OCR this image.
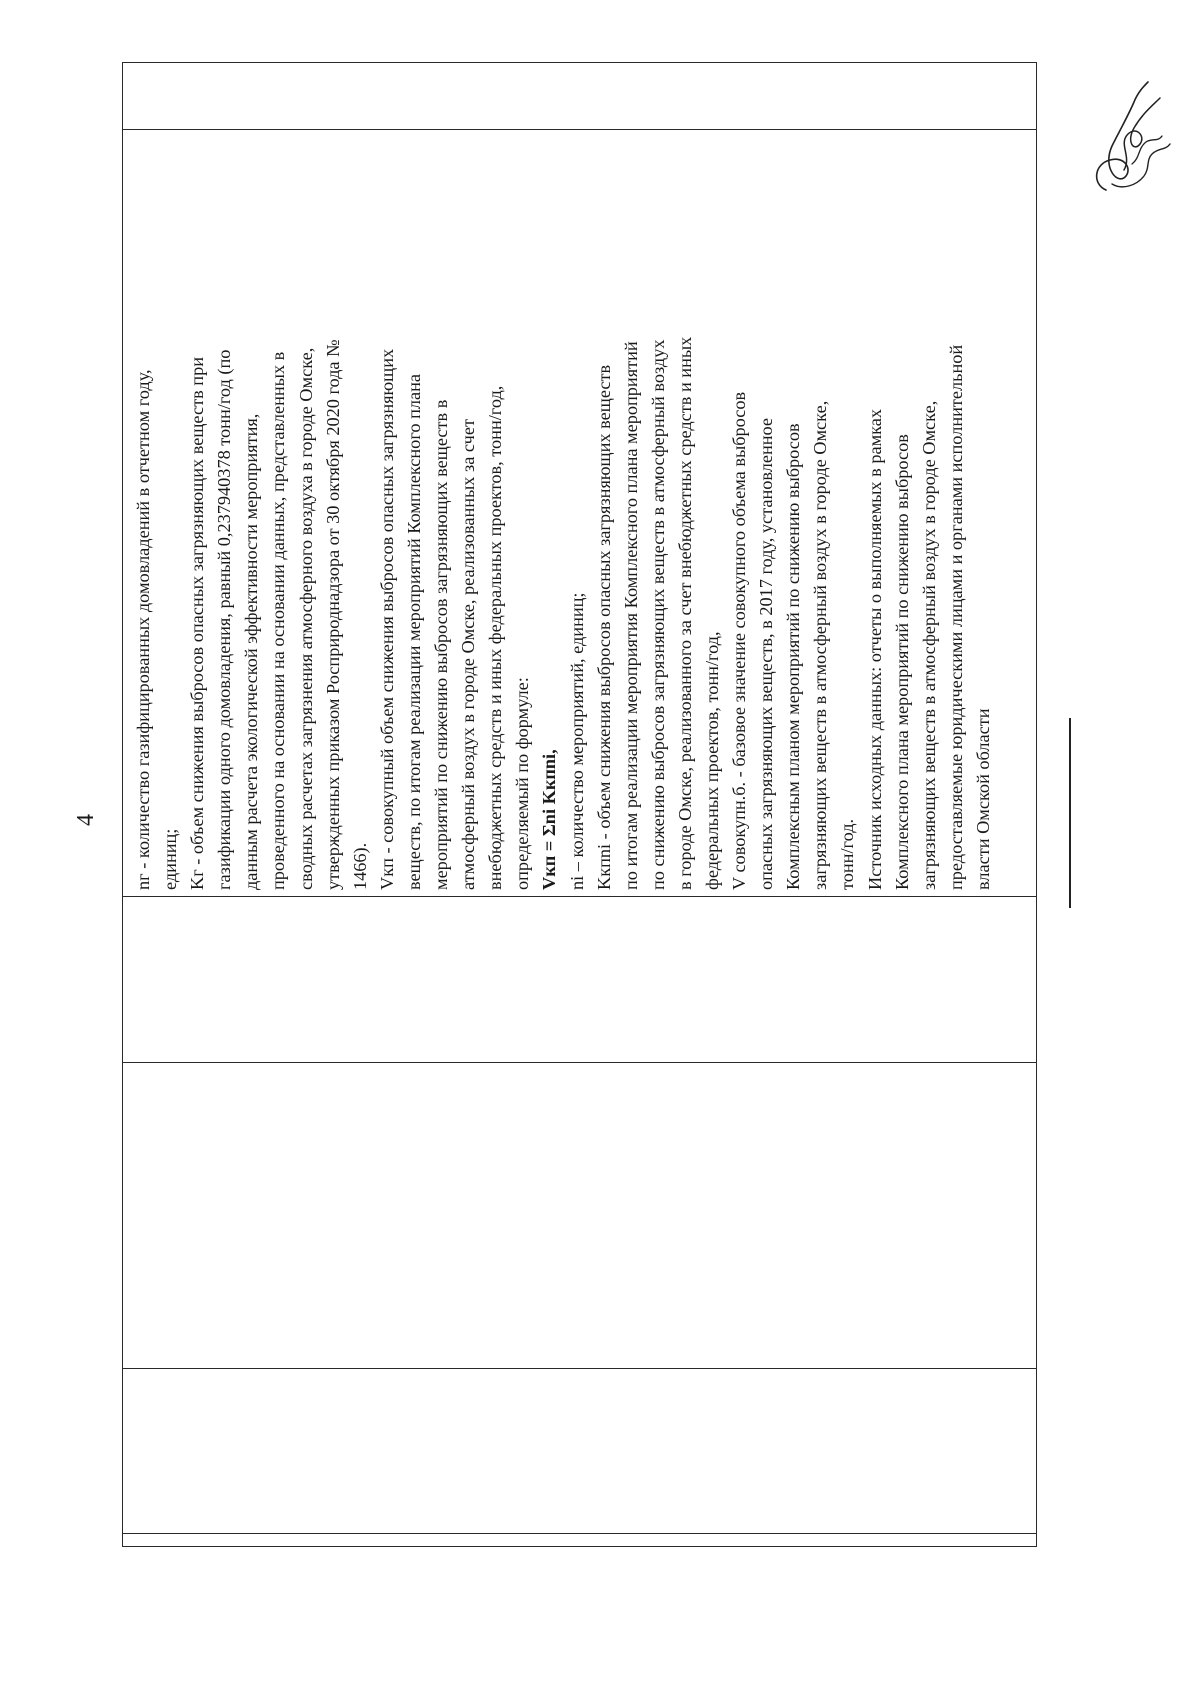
4
					nг - количество газифицированных домовладений в отчетном году, единиц; Kг - объем снижения выбросов опасных загрязняющих веществ при газификации одного домовладения, равный 0,237940378 тонн/год (по данным расчета экологической эффективности мероприятия, проведенного на основании на основании данных, представленных в сводных расчетах загрязнения атмосферного воздуха в городе Омске, утвержденных приказом Росприроднадзора от 30 октября 2020 года № 1466). Vкп - совокупный объем снижения выбросов опасных загрязняющих веществ, по итогам реализации мероприятий Комплексного плана мероприятий по снижению выбросов загрязняющих веществ в атмосферный воздух в городе Омске, реализованных за счет внебюджетных средств и иных федеральных проектов, тонн/год, определяемый по формуле: Vкп = Σni Kкпni, ni – количество мероприятий, единиц; Kкпni - объем снижения выбросов опасных загрязняющих веществ по итогам реализации мероприятия Комплексного плана мероприятий по снижению выбросов загрязняющих веществ в атмосферный воздух в городе Омске, реализованного за счет внебюджетных средств и иных федеральных проектов, тонн/год, V совокупн.б. - базовое значение совокупного объема выбросов опасных загрязняющих веществ, в 2017 году, установленное Комплексным планом мероприятий по снижению выбросов загрязняющих веществ в атмосферный воздух в городе Омске, тонн/год. Источник исходных данных: отчеты о выполняемых в рамках Комплексного плана мероприятий по снижению выбросов загрязняющих веществ в атмосферный воздух в городе Омске, предоставляемые юридическими лицами и органами исполнительной власти Омской области
